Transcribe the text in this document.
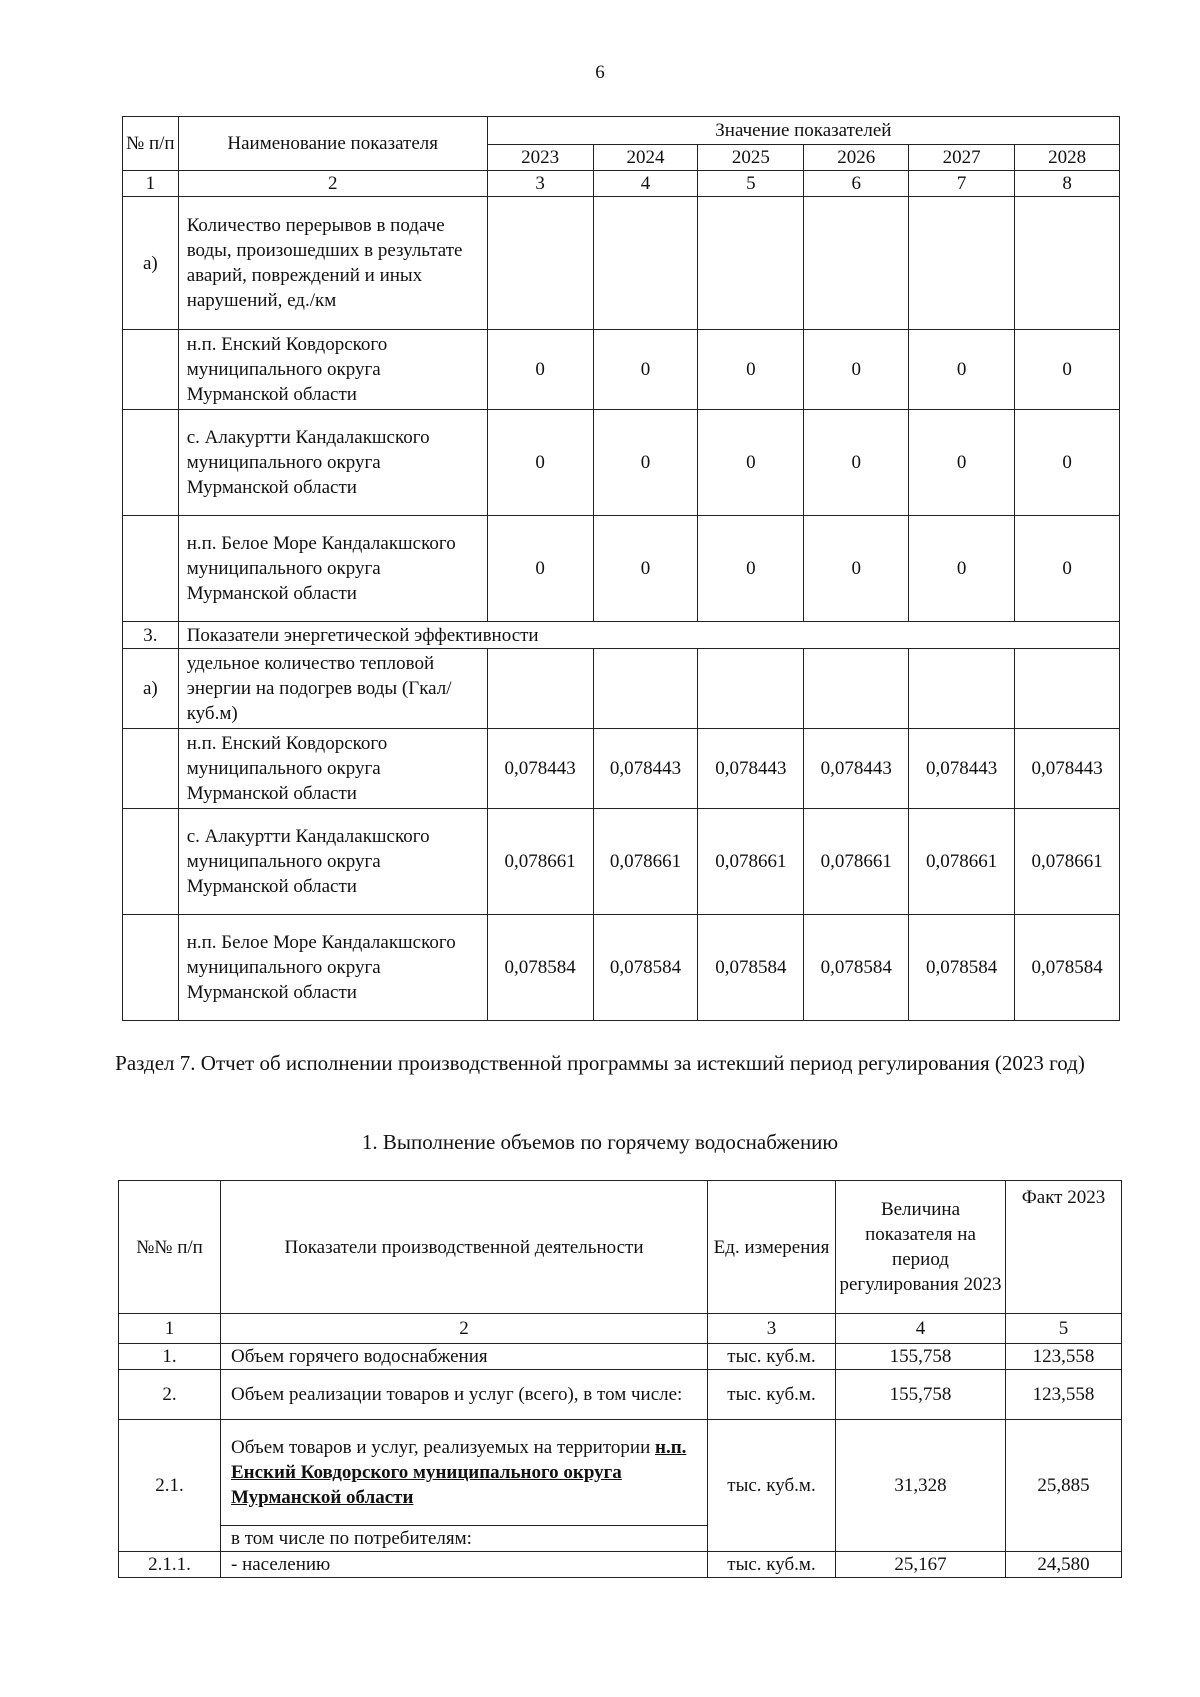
6
№ п/п	Наименование показателя	Значение показателей					
		2023	2024	2025	2026	2027	2028
1	2	3	4	5	6	7	8
а)	Количество перерывов в подаче воды, произошедших в результате аварий, повреждений и иных нарушений, ед./км						
	н.п. Енский Ковдорского муниципального округа Мурманской области	0	0	0	0	0	0
	с. Алакуртти Кандалакшского муниципального округа Мурманской области	0	0	0	0	0	0
	н.п. Белое Море Кандалакшского муниципального округа Мурманской области	0	0	0	0	0	0
3.	Показатели энергетической эффективности						
а)	удельное количество тепловой энергии на подогрев воды (Гкал/куб.м)						
	н.п. Енский Ковдорского муниципального округа Мурманской области	0,078443	0,078443	0,078443	0,078443	0,078443	0,078443
	с. Алакуртти Кандалакшского муниципального округа Мурманской области	0,078661	0,078661	0,078661	0,078661	0,078661	0,078661
	н.п. Белое Море Кандалакшского муниципального округа Мурманской области	0,078584	0,078584	0,078584	0,078584	0,078584	0,078584
Раздел 7. Отчет об исполнении производственной программы за истекший период регулирования (2023 год)
1. Выполнение объемов по горячему водоснабжению
№№ п/п	Показатели производственной деятельности	Ед. измерения	Величина показателя на период регулирования 2023	Факт 2023
1	2	3	4	5
1.	Объем горячего водоснабжения	тыс. куб.м.	155,758	123,558
2.	Объем реализации товаров и услуг (всего), в том числе:	тыс. куб.м.	155,758	123,558
2.1.	Объем товаров и услуг, реализуемых на территории н.п. Енский Ковдорского муниципального округа Мурманской области	тыс. куб.м.	31,328	25,885
	в том числе по потребителям:			
2.1.1.	- населению	тыс. куб.м.	25,167	24,580
